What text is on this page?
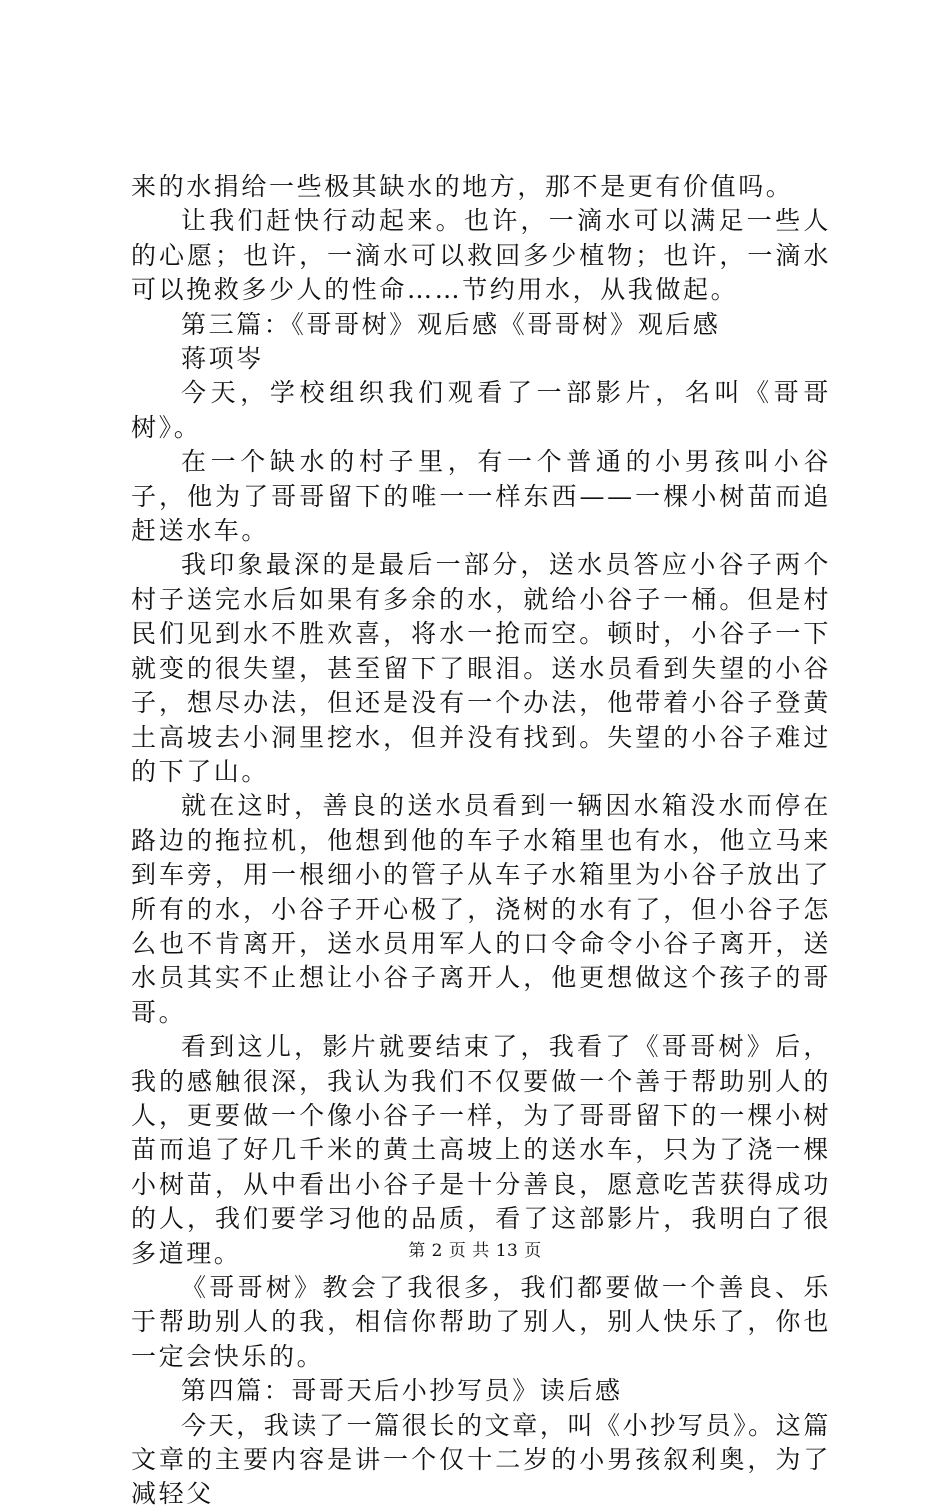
来的水捐给一些极其缺水的地方，那不是更有价值吗。

让我们赶快行动起来。也许，一滴水可以满足一些人的心愿；也许，一滴水可以救回多少植物；也许，一滴水可以挽救多少人的性命……节约用水，从我做起。

第三篇：《哥哥树》观后感《哥哥树》观后感

蒋项岑

今天，学校组织我们观看了一部影片，名叫《哥哥树》。

在一个缺水的村子里，有一个普通的小男孩叫小谷子，他为了哥哥留下的唯一一样东西——一棵小树苗而追赶送水车。

我印象最深的是最后一部分，送水员答应小谷子两个村子送完水后如果有多余的水，就给小谷子一桶。但是村民们见到水不胜欢喜，将水一抢而空。顿时，小谷子一下就变的很失望，甚至留下了眼泪。送水员看到失望的小谷子，想尽办法，但还是没有一个办法，他带着小谷子登黄土高坡去小洞里挖水，但并没有找到。失望的小谷子难过的下了山。

就在这时，善良的送水员看到一辆因水箱没水而停在路边的拖拉机，他想到他的车子水箱里也有水，他立马来到车旁，用一根细小的管子从车子水箱里为小谷子放出了所有的水，小谷子开心极了，浇树的水有了，但小谷子怎么也不肯离开，送水员用军人的口令命令小谷子离开，送水员其实不止想让小谷子离开人，他更想做这个孩子的哥哥。

看到这儿，影片就要结束了，我看了《哥哥树》后，我的感触很深，我认为我们不仅要做一个善于帮助别人的人，更要做一个像小谷子一样，为了哥哥留下的一棵小树苗而追了好几千米的黄土高坡上的送水车，只为了浇一棵小树苗，从中看出小谷子是十分善良，愿意吃苦获得成功的人，我们要学习他的品质，看了这部影片，我明白了很多道理。

《哥哥树》教会了我很多，我们都要做一个善良、乐于帮助别人的我，相信你帮助了别人，别人快乐了，你也一定会快乐的。

第四篇：哥哥天后小抄写员》读后感

今天，我读了一篇很长的文章，叫《小抄写员》。这篇文章的主要内容是讲一个仅十二岁的小男孩叙利奥，为了减轻父

第 2 页 共 13 页
